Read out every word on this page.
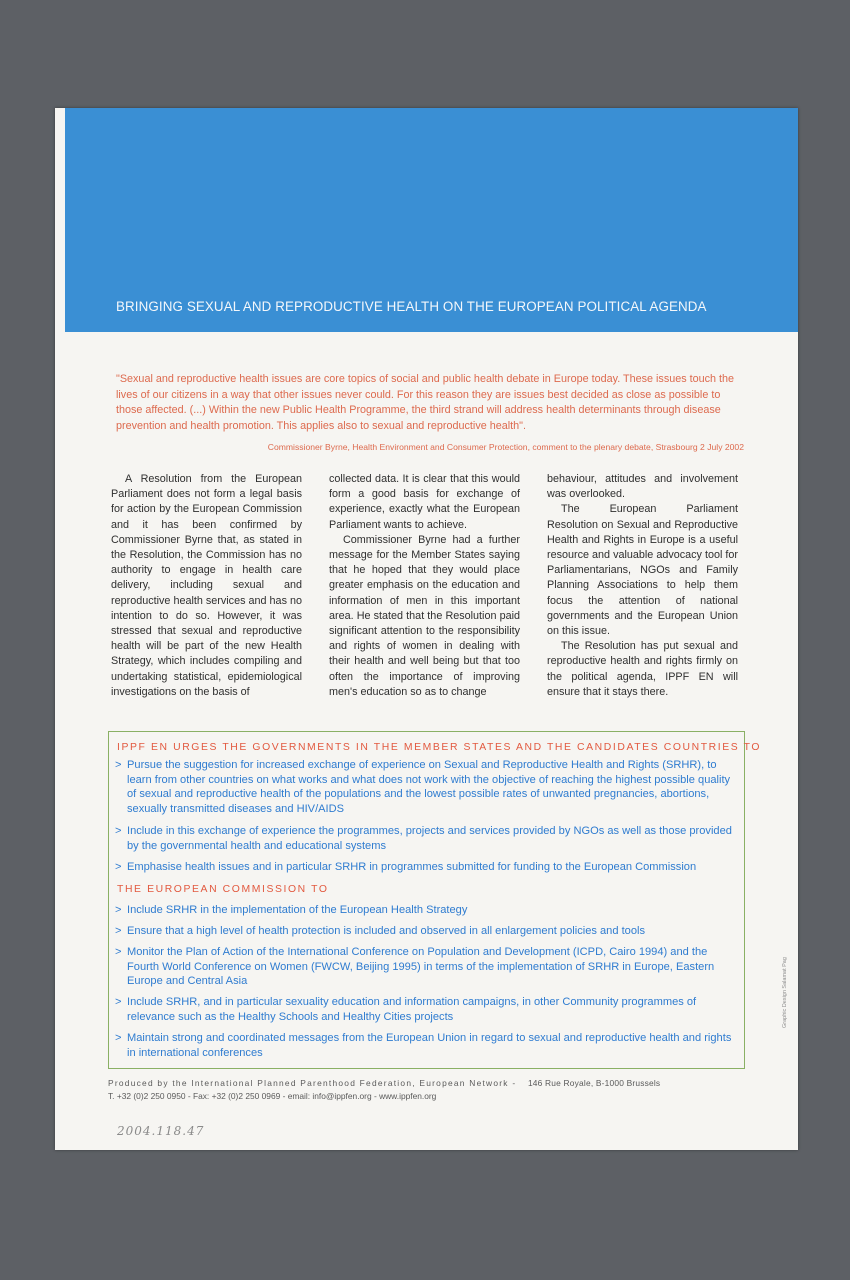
BRINGING SEXUAL AND REPRODUCTIVE HEALTH ON THE EUROPEAN POLITICAL AGENDA
"Sexual and reproductive health issues are core topics of social and public health debate in Europe today. These issues touch the lives of our citizens in a way that other issues never could. For this reason they are issues best decided as close as possible to those affected. (...) Within the new Public Health Programme, the third strand will address health determinants through disease prevention and health promotion. This applies also to sexual and reproductive health".
Commissioner Byrne, Health Environment and Consumer Protection, comment to the plenary debate, Strasbourg 2 July 2002

A Resolution from the European Parliament does not form a legal basis for action by the European Commission and it has been confirmed by Commissioner Byrne that, as stated in the Resolution, the Commission has no authority to engage in health care delivery, including sexual and reproductive health services and has no intention to do so. However, it was stressed that sexual and reproductive health will be part of the new Health Strategy, which includes compiling and undertaking statistical, epidemiological investigations on the basis of

collected data. It is clear that this would form a good basis for exchange of experience, exactly what the European Parliament wants to achieve.

Commissioner Byrne had a further message for the Member States saying that he hoped that they would place greater emphasis on the education and information of men in this important area. He stated that the Resolution paid significant attention to the responsibility and rights of women in dealing with their health and well being but that too often the importance of improving men's education so as to change

behaviour, attitudes and involvement was overlooked.

The European Parliament Resolution on Sexual and Reproductive Health and Rights in Europe is a useful resource and valuable advocacy tool for Parliamentarians, NGOs and Family Planning Associations to help them focus the attention of national governments and the European Union on this issue.

The Resolution has put sexual and reproductive health and rights firmly on the political agenda, IPPF EN will ensure that it stays there.

IPPF EN URGES THE GOVERNMENTS IN THE MEMBER STATES AND THE CANDIDATES COUNTRIES TO
> Pursue the suggestion for increased exchange of experience on Sexual and Reproductive Health and Rights (SRHR), to learn from other countries on what works and what does not work with the objective of reaching the highest possible quality of sexual and reproductive health of the populations and the lowest possible rates of unwanted pregnancies, abortions, sexually transmitted diseases and HIV/AIDS
> Include in this exchange of experience the programmes, projects and services provided by NGOs as well as those provided by the governmental health and educational systems
> Emphasise health issues and in particular SRHR in programmes submitted for funding to the European Commission
THE EUROPEAN COMMISSION TO
> Include SRHR in the implementation of the European Health Strategy
> Ensure that a high level of health protection is included and observed in all enlargement policies and tools
> Monitor the Plan of Action of the International Conference on Population and Development (ICPD, Cairo 1994) and the Fourth World Conference on Women (FWCW, Beijing 1995) in terms of the implementation of SRHR in Europe, Eastern Europe and Central Asia
> Include SRHR, and in particular sexuality education and information campaigns, in other Community programmes of relevance such as the Healthy Schools and Healthy Cities projects
> Maintain strong and coordinated messages from the European Union in regard to sexual and reproductive health and rights in international conferences
Produced by the International Planned Parenthood Federation, European Network - 146 Rue Royale, B-1000 Brussels
T. +32 (0)2 250 0950 - Fax: +32 (0)2 250 0969 - email: info@ippfen.org - www.ippfen.org
Graphic Design Salamat Pag
2004.118.47
